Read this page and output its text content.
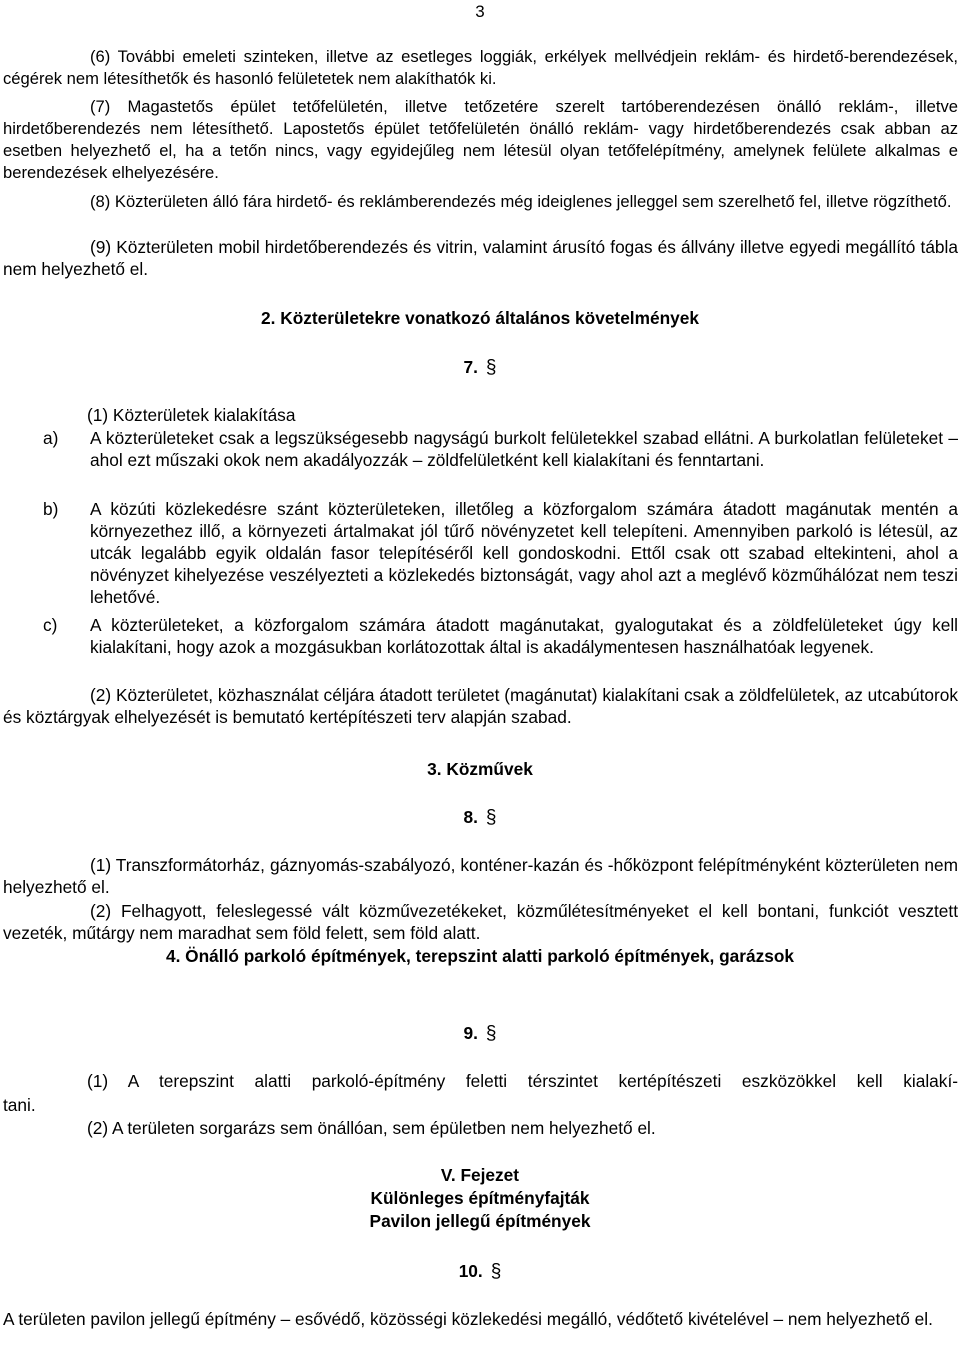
3
(6) További emeleti szinteken, illetve az esetleges loggiák, erkélyek mellvédjein reklám- és hirdető-berendezések, cégérek nem létesíthetők és hasonló felületetek nem alakíthatók ki.
(7) Magastetős épület tetőfelületén, illetve tetőzetére szerelt tartóberendezésen önálló reklám-, illetve hirdetőberendezés nem létesíthető. Lapostetős épület tetőfelületén önálló reklám- vagy hirdetőberendezés csak abban az esetben helyezhető el, ha a tetőn nincs, vagy egyidejűleg nem létesül olyan tetőfelépítmény, amelynek felülete alkalmas e berendezések elhelyezésére.
(8) Közterületen álló fára hirdető- és reklámberendezés még ideiglenes jelleggel sem szerelhető fel, illetve rögzíthető.
(9) Közterületen mobil hirdetőberendezés és vitrin, valamint árusító fogas és állvány illetve egyedi megállító tábla nem helyezhető el.
2. Közterületekre vonatkozó általános követelmények
7. §
(1) Közterületek kialakítása
a) A közterületeket csak a legszükségesebb nagyságú burkolt felületekkel szabad ellátni. A burkolatlan felületeket – ahol ezt műszaki okok nem akadályozzák – zöldfelületként kell kialakítani és fenntartani.
b) A közúti közlekedésre szánt közterületeken, illetőleg a közforgalom számára átadott magánutak mentén a környezethez illő, a környezeti ártalmakat jól tűrő növényzetet kell telepíteni. Amennyiben parkoló is létesül, az utcák legalább egyik oldalán fasor telepítéséről kell gondoskodni. Ettől csak ott szabad eltekinteni, ahol a növényzet kihelyezése veszélyezteti a közlekedés biztonságát, vagy ahol azt a meglévő közműhálózat nem teszi lehetővé.
c) A közterületeket, a közforgalom számára átadott magánutakat, gyalogutakat és a zöldfelületeket úgy kell kialakítani, hogy azok a mozgásukban korlátozottak által is akadálymentesen használhatóak legyenek.
(2) Közterületet, közhasználat céljára átadott területet (magánutat) kialakítani csak a zöldfelületek, az utcabútorok és köztárgyak elhelyezését is bemutató kertépítészeti terv alapján szabad.
3. Közművek
8. §
(1) Transzformátorház, gáznyomás-szabályozó, konténer-kazán és -hőközpont felépítményként közterületen nem helyezhető el.
(2) Felhagyott, feleslegessé vált közművezetékeket, közműlétesítményeket el kell bontani, funkciót vesztett vezeték, műtárgy nem maradhat sem föld felett, sem föld alatt.
4. Önálló parkoló építmények, terepszint alatti parkoló építmények, garázsok
9. §
(1) A terepszint alatti parkoló-építmény feletti térszintet kertépítészeti eszközökkel kell kialakí-
tani.
(2) A területen sorgarázs sem önállóan, sem épületben nem helyezhető el.
V. Fejezet
Különleges építményfajták
Pavilon jellegű építmények
10. §
A területen pavilon jellegű építmény – esővédő, közösségi közlekedési megálló, védőtető kivételével – nem helyezhető el.
